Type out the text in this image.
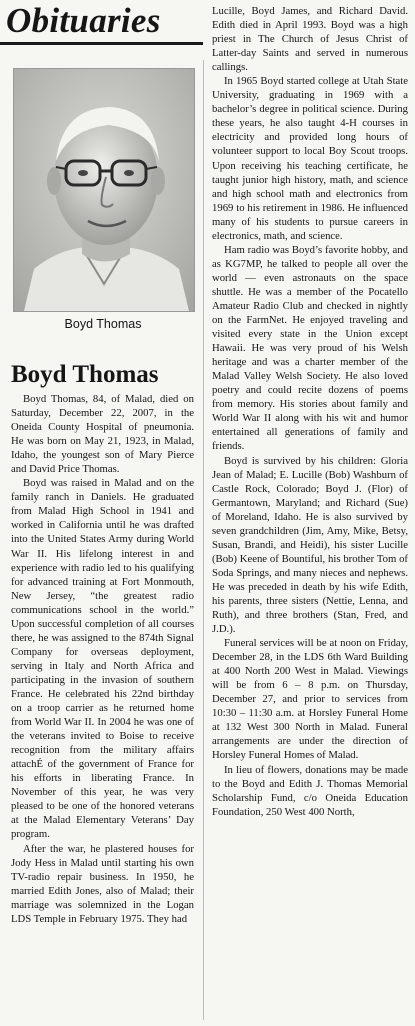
Obituaries
Boyd Thomas
Boyd Thomas

Boyd Thomas, 84, of Malad, died on Saturday, December 22, 2007, in the Oneida County Hospital of pneumonia. He was born on May 21, 1923, in Malad, Idaho, the youngest son of Mary Pierce and David Price Thomas.

Boyd was raised in Malad and on the family ranch in Daniels. He graduated from Malad High School in 1941 and worked in California until he was drafted into the United States Army during World War II. His lifelong interest in and experience with radio led to his qualifying for advanced training at Fort Monmouth, New Jersey, “the greatest radio communications school in the world.” Upon successful completion of all courses there, he was assigned to the 874th Signal Company for overseas deployment, serving in Italy and North Africa and participating in the invasion of southern France. He celebrated his 22nd birthday on a troop carrier as he returned home from World War II. In 2004 he was one of the veterans invited to Boise to receive recognition from the military affairs attachÉ of the government of France for his efforts in liberating France. In November of this year, he was very pleased to be one of the honored veterans at the Malad Elementary Veterans’ Day program.

After the war, he plastered houses for Jody Hess in Malad until starting his own TV-radio repair business. In 1950, he married Edith Jones, also of Malad; their marriage was solemnized in the Logan LDS Temple in February 1975. They had

Lucille, Boyd James, and Richard David. Edith died in April 1993. Boyd was a high priest in The Church of Jesus Christ of Latter-day Saints and served in numerous callings.

In 1965 Boyd started college at Utah State University, graduating in 1969 with a bachelor’s degree in political science. During these years, he also taught 4-H courses in electricity and provided long hours of volunteer support to local Boy Scout troops. Upon receiving his teaching certificate, he taught junior high history, math, and science and high school math and electronics from 1969 to his retirement in 1986. He influenced many of his students to pursue careers in electronics, math, and science.

Ham radio was Boyd’s favorite hobby, and as KG7MP, he talked to people all over the world — even astronauts on the space shuttle. He was a member of the Pocatello Amateur Radio Club and checked in nightly on the FarmNet. He enjoyed traveling and visited every state in the Union except Hawaii. He was very proud of his Welsh heritage and was a charter member of the Malad Valley Welsh Society. He also loved poetry and could recite dozens of poems from memory. His stories about family and World War II along with his wit and humor entertained all generations of family and friends.

Boyd is survived by his children: Gloria Jean of Malad; E. Lucille (Bob) Washburn of Castle Rock, Colorado; Boyd J. (Flor) of Germantown, Maryland; and Richard (Sue) of Moreland, Idaho. He is also survived by seven grandchildren (Jim, Amy, Mike, Betsy, Susan, Brandi, and Heidi), his sister Lucille (Bob) Keene of Bountiful, his brother Tom of Soda Springs, and many nieces and nephews. He was preceded in death by his wife Edith, his parents, three sisters (Nettie, Lenna, and Ruth), and three brothers (Stan, Fred, and J.D.).

Funeral services will be at noon on Friday, December 28, in the LDS 6th Ward Building at 400 North 200 West in Malad. Viewings will be from 6 – 8 p.m. on Thursday, December 27, and prior to services from 10:30 – 11:30 a.m. at Horsley Funeral Home at 132 West 300 North in Malad. Funeral arrangements are under the direction of Horsley Funeral Homes of Malad.

In lieu of flowers, donations may be made to the Boyd and Edith J. Thomas Memorial Scholarship Fund, c/o Oneida Education Foundation, 250 West 400 North,
